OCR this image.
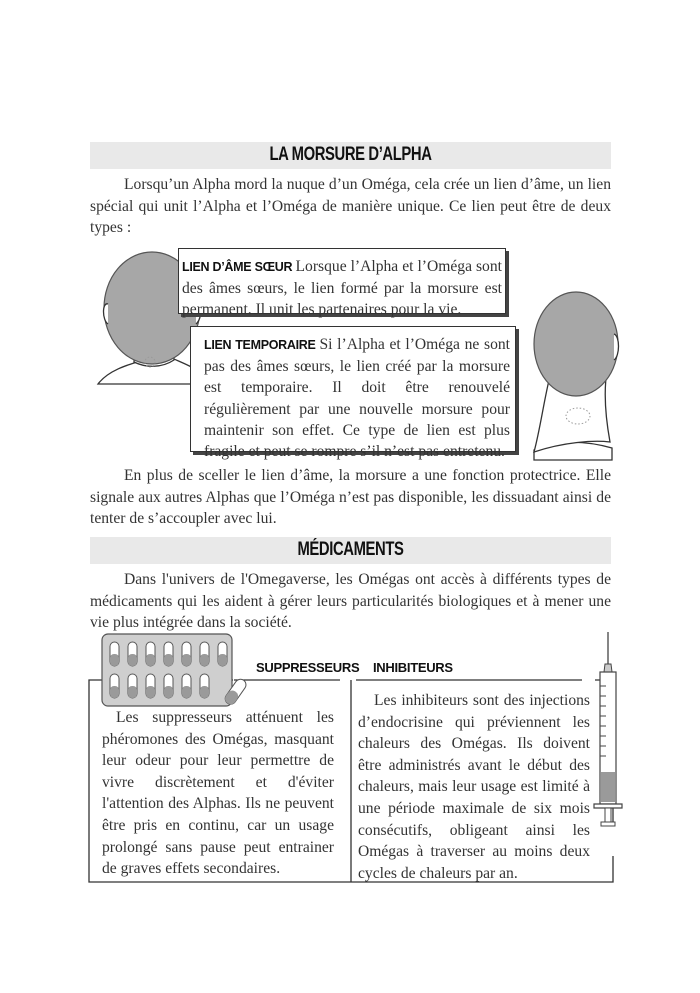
LA MORSURE D’ALPHA
Lorsqu’un Alpha mord la nuque d’un Oméga, cela crée un lien d’âme, un lien spécial qui unit l’Alpha et l’Oméga de manière unique. Ce lien peut être de deux types :
LIEN D’ÂME SŒUR Lorsque l’Alpha et l’Oméga sont des âmes sœurs, le lien formé par la morsure est permanent. Il unit les partenaires pour la vie.
LIEN TEMPORAIRE Si l’Alpha et l’Oméga ne sont pas des âmes sœurs, le lien créé par la morsure est temporaire. Il doit être renouvelé régulièrement par une nouvelle morsure pour maintenir son effet. Ce type de lien est plus fragile et peut se rompre s’il n’est pas entretenu.
En plus de sceller le lien d’âme, la morsure a une fonction protectrice. Elle signale aux autres Alphas que l’Oméga n’est pas disponible, les dissuadant ainsi de tenter de s’accoupler avec lui.
MÉDICAMENTS
Dans l'univers de l'Omegaverse, les Omégas ont accès à différents types de médicaments qui les aident à gérer leurs particularités biologiques et à mener une vie plus intégrée dans la société.
SUPPRESSEURS INHIBITEURS
Les suppresseurs atténuent les phéromones des Omégas, masquant leur odeur pour leur permettre de vivre discrètement et d'éviter l'attention des Alphas. Ils ne peuvent être pris en continu, car un usage prolongé sans pause peut entrainer de graves effets secondaires.
Les inhibiteurs sont des injections d’endocrisine qui préviennent les chaleurs des Omégas. Ils doivent être administrés avant le début des chaleurs, mais leur usage est limité à une période maximale de six mois consécutifs, obligeant ainsi les Omégas à traverser au moins deux cycles de chaleurs par an.
